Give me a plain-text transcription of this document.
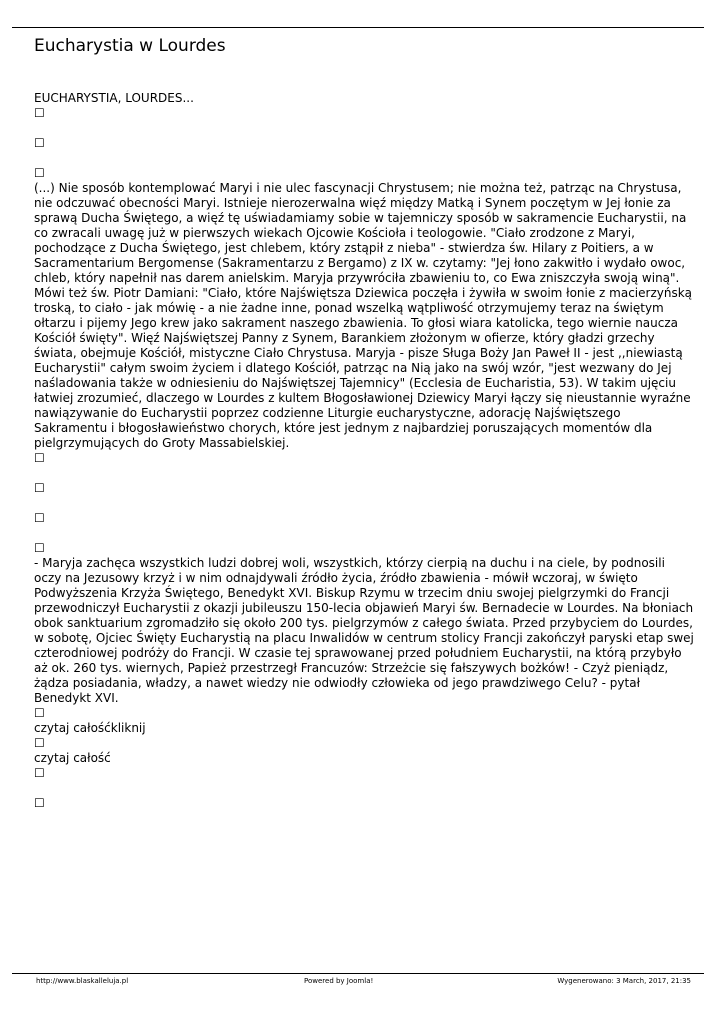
Eucharystia w Lourdes

EUCHARYSTIA, LOURDES...

☐
☐
☐

(...) Nie sposób kontemplować Maryi i nie ulec fascynacji Chrystusem; nie można też, patrząc na Chrystusa, nie odczuwać obecności Maryi. Istnieje nierozerwalna więź między Matką i Synem poczętym w Jej łonie za sprawą Ducha Świętego, a więź tę uświadamiamy sobie w tajemniczy sposób w sakramencie Eucharystii, na co zwracali uwagę już w pierwszych wiekach Ojcowie Kościoła i teologowie. "Ciało zrodzone z Maryi, pochodzące z Ducha Świętego, jest chlebem, który zstąpił z nieba" - stwierdza św. Hilary z Poitiers, a w Sacramentarium Bergomense (Sakramentarzu z Bergamo) z IX w. czytamy: "Jej łono zakwitło i wydało owoc, chleb, który napełnił nas darem anielskim. Maryja przywróciła zbawieniu to, co Ewa zniszczyła swoją winą". Mówi też św. Piotr Damiani: "Ciało, które Najświętsza Dziewica poczęła i żywiła w swoim łonie z macierzyńską troską, to ciało - jak mówię - a nie żadne inne, ponad wszelką wątpliwość otrzymujemy teraz na świętym ołtarzu i pijemy Jego krew jako sakrament naszego zbawienia. To głosi wiara katolicka, tego wiernie naucza Kościół święty". Więź Najświętszej Panny z Synem, Barankiem złożonym w ofierze, który gładzi grzechy świata, obejmuje Kościół, mistyczne Ciało Chrystusa. Maryja - pisze Sługa Boży Jan Paweł II - jest ,,niewiastą Eucharystii" całym swoim życiem i dlatego Kościół, patrząc na Nią jako na swój wzór, "jest wezwany do Jej naśladowania także w odniesieniu do Najświętszej Tajemnicy" (Ecclesia de Eucharistia, 53). W takim ujęciu łatwiej zrozumieć, dlaczego w Lourdes z kultem Błogosławionej Dziewicy Maryi łączy się nieustannie wyraźne nawiązywanie do Eucharystii poprzez codzienne Liturgie eucharystyczne, adorację Najświętszego Sakramentu i błogosławieństwo chorych, które jest jednym z najbardziej poruszających momentów dla pielgrzymujących do Groty Massabielskiej.

☐
☐
☐
☐

- Maryja zachęca wszystkich ludzi dobrej woli, wszystkich, którzy cierpią na duchu i na ciele, by podnosili oczy na Jezusowy krzyż i w nim odnajdywali źródło życia, źródło zbawienia - mówił wczoraj, w święto Podwyższenia Krzyża Świętego, Benedykt XVI. Biskup Rzymu w trzecim dniu swojej pielgrzymki do Francji przewodniczył Eucharystii z okazji jubileuszu 150-lecia objawień Maryi św. Bernadecie w Lourdes. Na błoniach obok sanktuarium zgromadziło się około 200 tys. pielgrzymów z całego świata. Przed przybyciem do Lourdes, w sobotę, Ojciec Święty Eucharystią na placu Inwalidów w centrum stolicy Francji zakończył paryski etap swej czterodniowej podróży do Francji. W czasie tej sprawowanej przed południem Eucharystii, na którą przybyło aż ok. 260 tys. wiernych, Papież przestrzegł Francuzów: Strzeżcie się fałszywych bożków! - Czyż pieniądz, żądza posiadania, władzy, a nawet wiedzy nie odwiodły człowieka od jego prawdziwego Celu? - pytał Benedykt XVI.

☐

czytaj całośćkliknij

☐

czytaj całość

☐
☐
http://www.blaskalleluja.pl	Powered by Joomla!	Wygenerowano: 3 March, 2017, 21:35
